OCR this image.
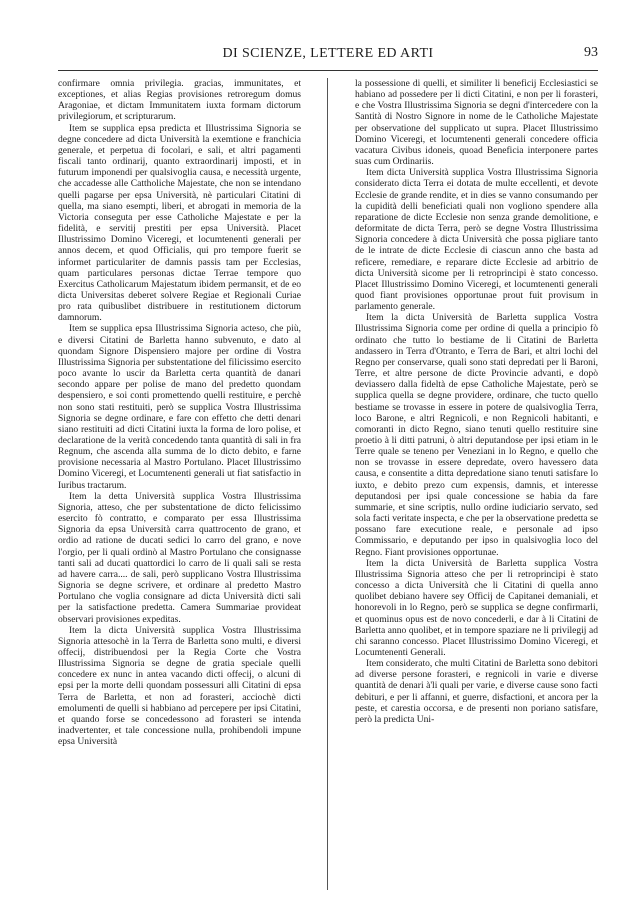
DI SCIENZE, LETTERE ED ARTI	93

confirmare omnia privilegia. gracias, immunitates, et exceptiones, et alias Regias provisiones retroregum domus Aragoniae, et dictam Immunitatem iuxta formam dictorum privilegiorum, et scripturarum.

Item se supplica epsa predicta et Illustrissima Signoria se degne concedere ad dicta Università la exemtione e franchicia generale, et perpetua di focolari, e sali, et altri pagamenti fiscali tanto ordinarij, quanto extraordinarij imposti, et in futurum imponendi per qualsivoglia causa, e necessità urgente, che accadesse alle Cattholiche Majestate, che non se intendano quelli pagarse per epsa Università, nè particulari Citatini di quella, ma siano esempti, liberi, et abrogati in memoria de la Victoria conseguta per esse Catholiche Majestate e per la fidelità, e servitij prestiti per epsa Università. Placet Illustrissimo Domino Viceregi, et locumtenenti generali per annos decem, et quod Officialis, qui pro tempore fuerit se informet particulariter de damnis passis tam per Ecclesias, quam particulares personas dictae Terrae tempore quo Exercitus Catholicarum Majestatum ibidem permansit, et de eo dicta Universitas deberet solvere Regiae et Regionali Curiae pro rata quibuslibet distribuere in restitutionem dictorum damnorum.

Item se supplica epsa Illustrissima Signoria acteso, che più, e diversi Citatini de Barletta hanno subvenuto, e dato al quondam Signore Dispensiero majore per ordine di Vostra Illustrissima Signoria per substentatione del filicissimo esercito poco avante lo uscir da Barletta certa quantità de danari secondo appare per polise de mano del predetto quondam despensiero, e soi conti promettendo quelli restituire, e perchè non sono stati restituiti, però se supplica Vostra Illustrissima Signoria se degne ordinare, e fare con effetto che detti denari siano restituiti ad dicti Citatini iuxta la forma de loro polise, et declaratione de la verità concedendo tanta quantità di sali in fra Regnum, che ascenda alla summa de lo dicto debito, e farne provisione necessaria al Mastro Portulano. Placet Illustrissimo Domino Viceregi, et Locumtenenti generali ut fiat satisfactio in Iuribus tractarum.

Item la detta Università supplica Vostra Illustrissima Signoria, atteso, che per substentatione de dicto felicissimo esercito fò contratto, e comparato per essa Illustrissima Signoria da epsa Università carra quattrocento de grano, et ordio ad ratione de ducati sedici lo carro del grano, e nove l'orgio, per li quali ordinò al Mastro Portulano che consignasse tanti sali ad ducati quattordici lo carro de li quali sali se resta ad havere carra.... de sali, però supplicano Vostra Illustrissima Signoria se degne scrivere, et ordinare al predetto Mastro Portulano che voglia consignare ad dicta Università dicti sali per la satisfactione predetta. Camera Summariae provideat observari provisiones expeditas.

Item la dicta Università supplica Vostra Illustrissima Signoria attesochè in la Terra de Barletta sono multi, e diversi offecij, distribuendosi per la Regia Corte che Vostra Illustrissima Signoria se degne de gratia speciale quelli concedere ex nunc in antea vacando dicti offecij, o alcuni di epsi per la morte delli quondam possessuri alli Citatini di epsa Terra de Barletta, et non ad forasteri, acciochè dicti emolumenti de quelli si habbiano ad percepere per ipsi Citatini, et quando forse se concedessono ad forasteri se intenda inadvertenter, et tale concessione nulla, prohibendoli impune epsa Università

la possessione di quelli, et similiter li beneficij Ecclesiastici se habiano ad possedere per li dicti Citatini, e non per li forasteri, e che Vostra Illustrissima Signoria se degni d'intercedere con la Santità di Nostro Signore in nome de le Catholiche Majestate per observatione del supplicato ut supra. Placet Illustrissimo Domino Viceregi, et locumtenenti generali concedere officia vacatura Civibus idoneis, quoad Beneficia interponere partes suas cum Ordinariis.

Item dicta Università supplica Vostra Illustrissima Signoria considerato dicta Terra ei dotata de multe eccellenti, et devote Ecclesie de grande rendite, et in dies se vanno consumando per la cupidità delli beneficiati quali non vogliono spendere alla reparatione de dicte Ecclesie non senza grande demolitione, e deformitate de dicta Terra, però se degne Vostra Illustrissima Signoria concedere à dicta Università che possa pigliare tanto de le intrate de dicte Ecclesie di ciascun anno che basta ad reficere, remediare, e reparare dicte Ecclesie ad arbitrio de dicta Università sicome per li retroprincipi è stato concesso. Placet Illustrissimo Domino Viceregi, et locumtenenti generali quod fiant provisiones opportunae prout fuit provisum in parlamento generale.

Item la dicta Università de Barletta supplica Vostra Illustrissima Signoria come per ordine di quella a principio fò ordinato che tutto lo bestiame de li Citatini de Barletta andassero in Terra d'Otranto, e Terra de Bari, et altri lochi del Regno per conservarse, quali sono stati depredati per li Baroni, Terre, et altre persone de dicte Provincie advanti, e dopò deviassero dalla fideltà de epse Catholiche Majestate, però se supplica quella se degne providere, ordinare, che tucto quello bestiame se trovasse in essere in potere de qualsivoglia Terra, loco Barone, e altri Regnicoli, e non Regnicoli habitanti, e comoranti in dicto Regno, siano tenuti quello restituire sine proetio à li ditti patruni, ò altri deputandose per ipsi etiam in le Terre quale se teneno per Veneziani in lo Regno, e quello che non se trovasse in essere depredate, overo havessero data causa, e consentite a ditta depredatione siano tenuti satisfare lo iuxto, e debito prezo cum expensis, damnis, et interesse deputandosi per ipsi quale concessione se habia da fare summarie, et sine scriptis, nullo ordine iudiciario servato, sed sola facti veritate inspecta, e che per la observatione predetta se possano fare executione reale, e personale ad ipso Commissario, e deputando per ipso in qualsivoglia loco del Regno. Fiant provisiones opportunae.

Item la dicta Università de Barletta supplica Vostra Illustrissima Signoria atteso che per li retroprincipi è stato concesso a dicta Università che li Citatini di quella anno quolibet debiano havere sey Officij de Capitanei demaniali, et honorevoli in lo Regno, però se supplica se degne confirmarli, et quominus opus est de novo concederli, e dar à li Citatini de Barletta anno quolibet, et in tempore spaziare ne li privilegij ad chi saranno concesso. Placet Illustrissimo Domino Viceregi, et Locumtenenti Generali.

Item considerato, che multi Citatini de Barletta sono debitori ad diverse persone forasteri, e regnicoli in varie e diverse quantità de denari à'li quali per varie, e diverse cause sono facti debituri, e per li affanni, et guerre, disfactioni, et ancora per la peste, et carestia occorsa, e de presenti non poriano satisfare, però la predicta Uni-
